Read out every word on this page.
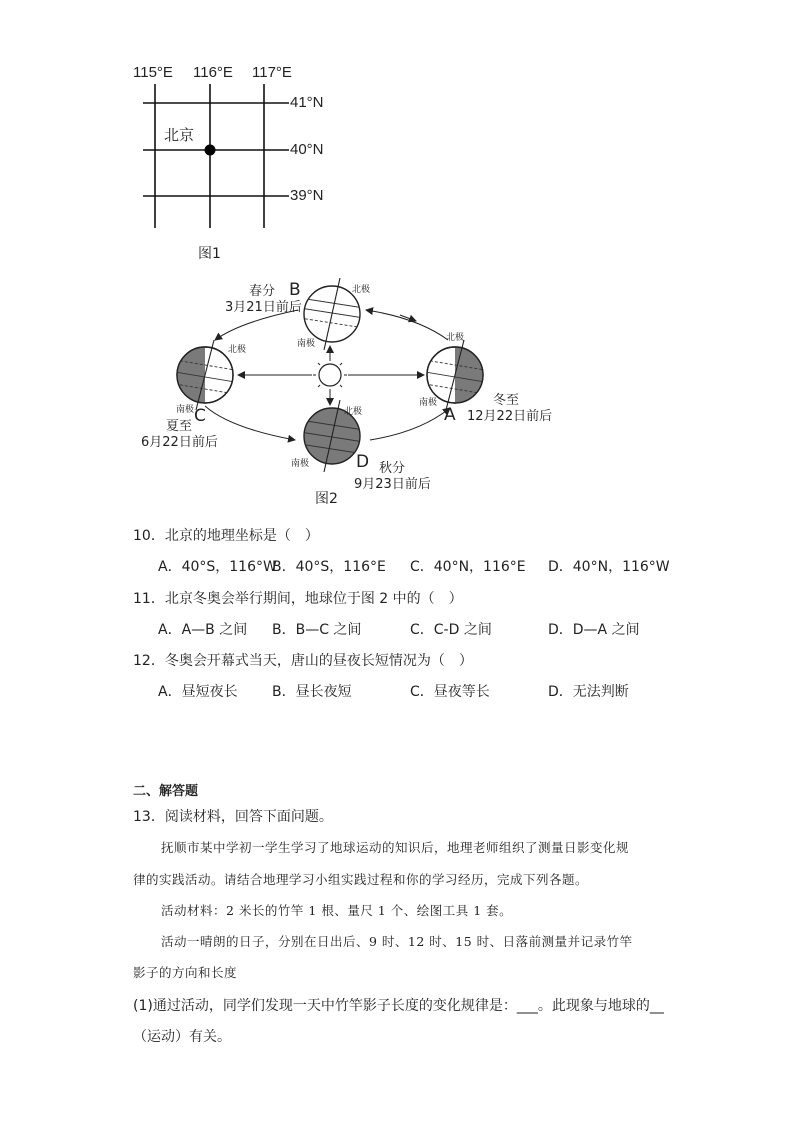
115°E 116°E 117°E
41°N
40°N
39°N
北京
图1
春分 B
3月21日前后
北极
南极
北极
南极 C
夏至
6月22日前后
北极
南极	D 秋分
9月23日前后
图2
北极
南极
A
冬至
12月22日前后
10．北京的地理坐标是（　）
A．40°S，116°W
B．40°S，116°E C．40°N，116°E D．40°N，116°W
11．北京冬奥会举行期间，地球位于图 2 中的（　）
A．A—B 之间 B．B—C 之间	C．C-D 之间	D．D—A 之间
12．冬奥会开幕式当天，唐山的昼夜长短情况为（　）
A．昼短夜长 B．昼长夜短	C．昼夜等长	D．无法判断
二、解答题
13．阅读材料，回答下面问题。
抚顺市某中学初一学生学习了地球运动的知识后，地理老师组织了测量日影变化规
律的实践活动。请结合地理学习小组实践过程和你的学习经历，完成下列各题。
活动材料：2 米长的竹竿 1 根、量尺 1 个、绘图工具 1 套。
活动一晴朗的日子，分别在日出后、9 时、12 时、15 时、日落前测量并记录竹竿
影子的方向和长度
(1)通过活动，同学们发现一天中竹竿影子长度的变化规律是：___。此现象与地球的__
（运动）有关。
